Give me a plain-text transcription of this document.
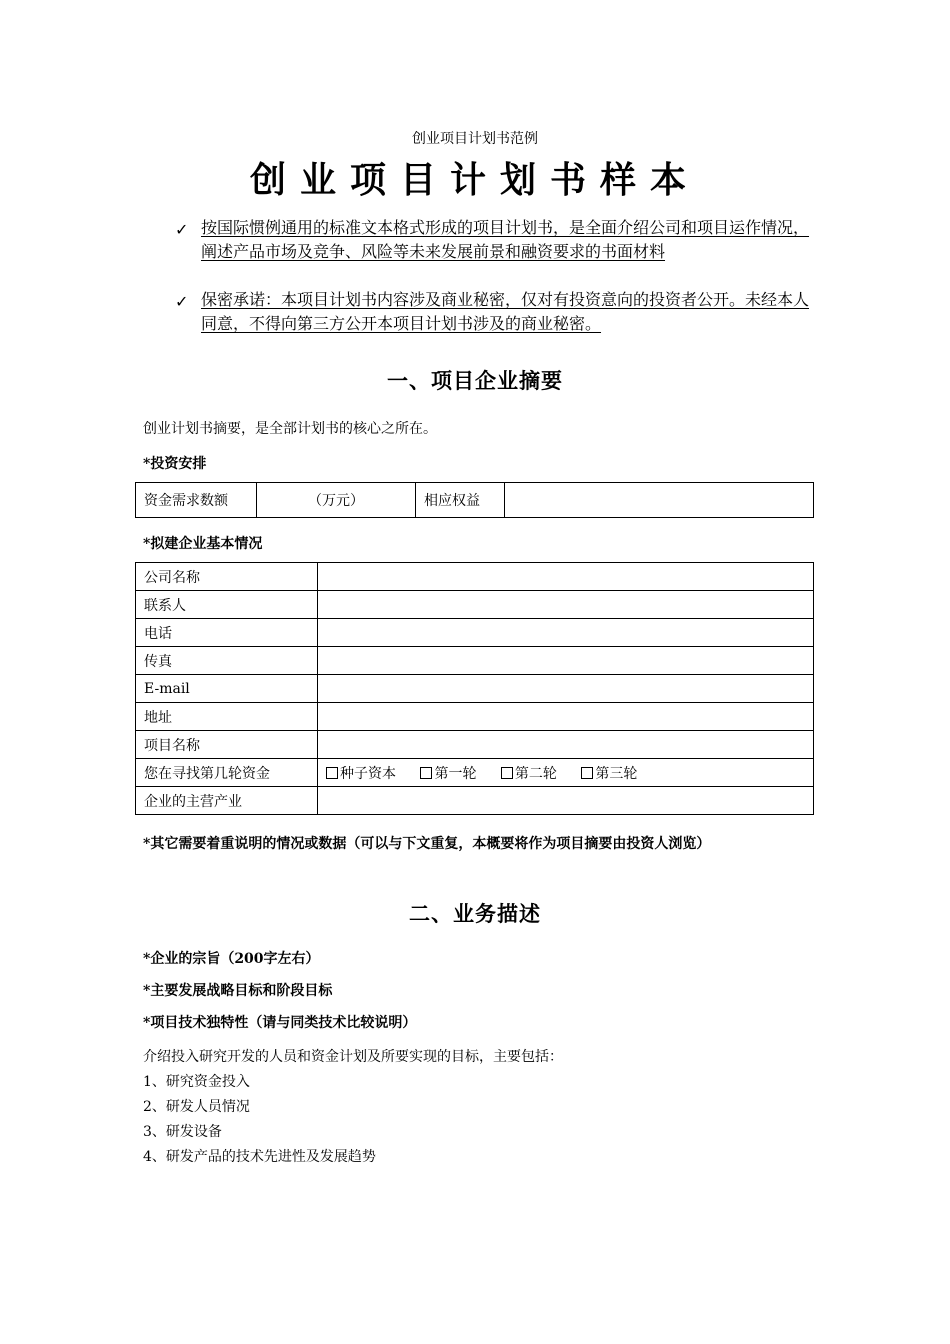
创业项目计划书范例
创业项目计划书样本
✓ 按国际惯例通用的标准文本格式形成的项目计划书，是全面介绍公司和项目运作情况，阐述产品市场及竞争、风险等未来发展前景和融资要求的书面材料
✓ 保密承诺：本项目计划书内容涉及商业秘密，仅对有投资意向的投资者公开。未经本人同意，不得向第三方公开本项目计划书涉及的商业秘密。
一、项目企业摘要
创业计划书摘要，是全部计划书的核心之所在。
*投资安排
资金需求数额	（万元）	相应权益	
*拟建企业基本情况
公司名称	
联系人	
电话	
传真	
E-mail	
地址	
项目名称	
您在寻找第几轮资金	种子资本 第一轮 第二轮 第三轮
企业的主营产业	
*其它需要着重说明的情况或数据（可以与下文重复，本概要将作为项目摘要由投资人浏览）
二、业务描述
*企业的宗旨（200字左右）
*主要发展战略目标和阶段目标
*项目技术独特性（请与同类技术比较说明）
介绍投入研究开发的人员和资金计划及所要实现的目标，主要包括：
1、研究资金投入
2、研发人员情况
3、研发设备
4、研发产品的技术先进性及发展趋势
